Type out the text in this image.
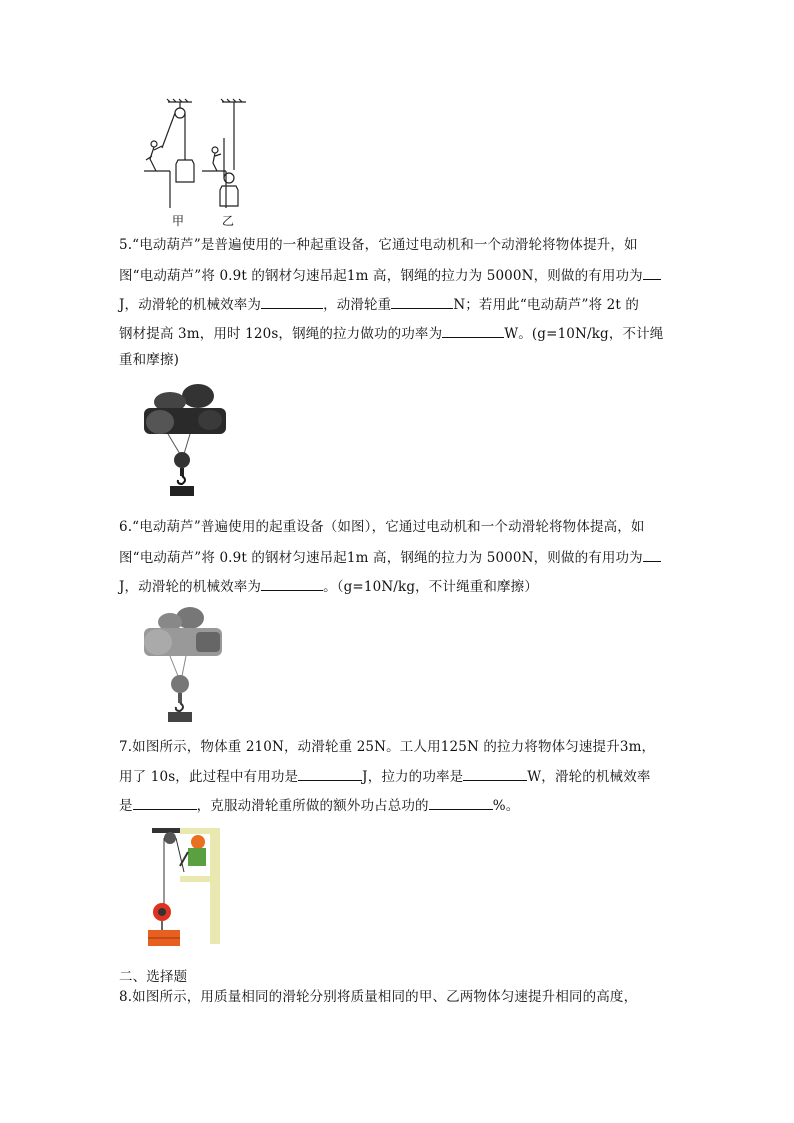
甲	乙
5.“电动葫芦”是普遍使用的一种起重设备，它通过电动机和一个动滑轮将物体提升，如
图“电动葫芦”将 0.9t 的钢材匀速吊起1m 高，钢绳的拉力为 5000N，则做的有用功为
J，动滑轮的机械效率为	，动滑轮重	N；若用此“电动葫芦”将 2t 的
钢材提高 3m，用时 120s，钢绳的拉力做功的功率为	W。(g=10N/kg，不计绳
重和摩擦)
6.“电动葫芦”普遍使用的起重设备（如图），它通过电动机和一个动滑轮将物体提高，如
图“电动葫芦”将 0.9t 的钢材匀速吊起1m 高，钢绳的拉力为 5000N，则做的有用功为
J，动滑轮的机械效率为	。（g=10N/kg，不计绳重和摩擦）
7.如图所示，物体重 210N，动滑轮重 25N。工人用125N 的拉力将物体匀速提升3m，
用了 10s，此过程中有用功是	J，拉力的功率是	W，滑轮的机械效率
是	，克服动滑轮重所做的额外功占总功的	%。
二、选择题
8.如图所示，用质量相同的滑轮分别将质量相同的甲、乙两物体匀速提升相同的高度，
